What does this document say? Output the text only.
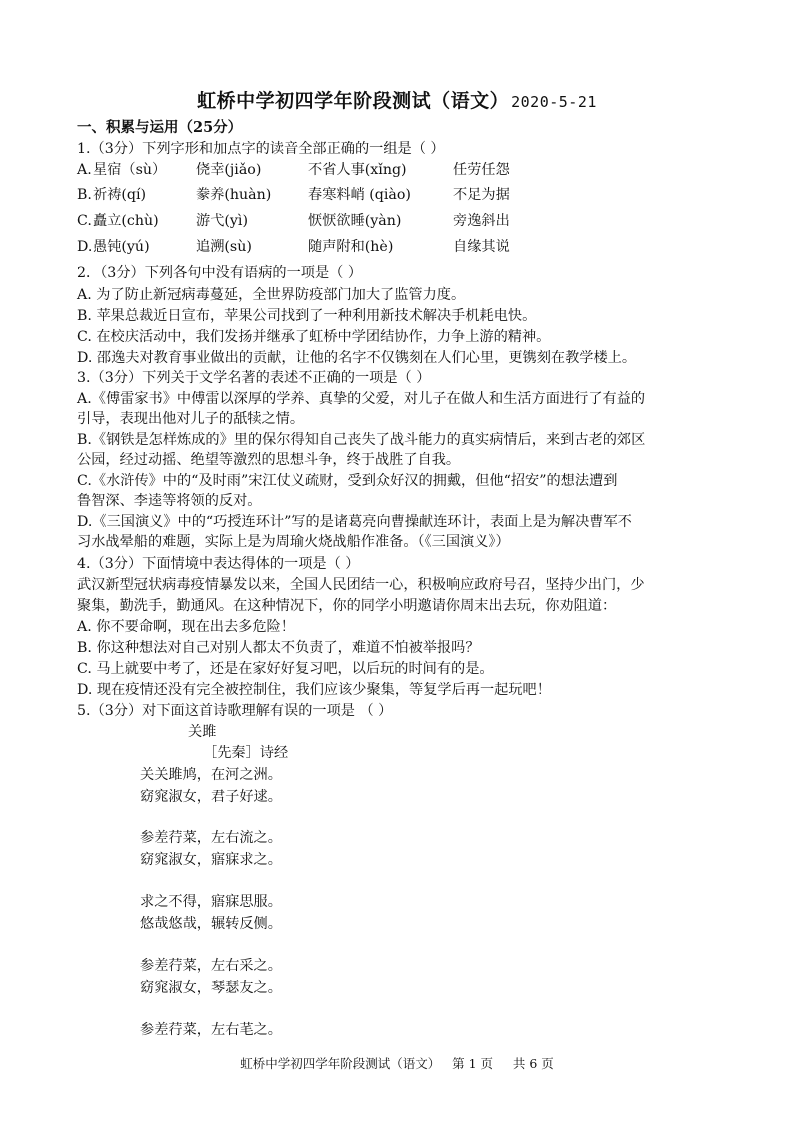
虹桥中学初四学年阶段测试（语文） 2020-5-21
一、积累与运用（25分）
1.（3分）下列字形和加点字的读音全部正确的一组是（ ）
A. 星宿（sù） 侥幸(jiǎo)	不省人事(xǐng)	任劳任怨
B. 祈祷(qí)	豢养(huàn)	春寒料峭 (qiào)	不足为据
C. 矗立(chù)	游弋(yì)	恹恹欲睡(yàn)	旁逸斜出
D. 愚钝(yú)	追溯(sù)	随声附和(hè)	自缘其说
2．（3分）下列各句中没有语病的一项是（ ）
A. 为了防止新冠病毒蔓延，全世界防疫部门加大了监管力度。
B. 苹果总裁近日宣布，苹果公司找到了一种利用新技术解决手机耗电快。
C. 在校庆活动中，我们发扬并继承了虹桥中学团结协作，力争上游的精神。
D. 邵逸夫对教育事业做出的贡献，让他的名字不仅镌刻在人们心里，更镌刻在教学楼上。
3.（3分）下列关于文学名著的表述不正确的一项是（ ）
A.《傅雷家书》中傅雷以深厚的学养、真挚的父爱，对儿子在做人和生活方面进行了有益的
引导，表现出他对儿子的舐犊之情。
B.《钢铁是怎样炼成的》里的保尔得知自己丧失了战斗能力的真实病情后，来到古老的郊区
公园，经过动摇、绝望等激烈的思想斗争，终于战胜了自我。
C.《水浒传》中的“及时雨”宋江仗义疏财，受到众好汉的拥戴，但他“招安”的想法遭到
鲁智深、李逵等将领的反对。
D.《三国演义》中的“巧授连环计”写的是诸葛亮向曹操献连环计，表面上是为解决曹军不
习水战晕船的难题，实际上是为周瑜火烧战船作准备。（《三国演义》）
4.（3分）下面情境中表达得体的一项是（ ）
武汉新型冠状病毒疫情暴发以来，全国人民团结一心，积极响应政府号召，坚持少出门，少
聚集，勤洗手，勤通风。在这种情况下，你的同学小明邀请你周末出去玩，你劝阻道：
A. 你不要命啊，现在出去多危险！
B. 你这种想法对自己对别人都太不负责了，难道不怕被举报吗？
C. 马上就要中考了，还是在家好好复习吧，以后玩的时间有的是。
D. 现在疫情还没有完全被控制住，我们应该少聚集，等复学后再一起玩吧！
5.（3分）对下面这首诗歌理解有误的一项是 （ ）
关雎
［先秦］诗经
关关雎鸠，在河之洲。
窈窕淑女，君子好逑。
参差荇菜，左右流之。
窈窕淑女，寤寐求之。
求之不得，寤寐思服。
悠哉悠哉，辗转反侧。
参差荇菜，左右采之。
窈窕淑女，琴瑟友之。
参差荇菜，左右芼之。
虹桥中学初四学年阶段测试（语文）   第 1 页     共 6 页
